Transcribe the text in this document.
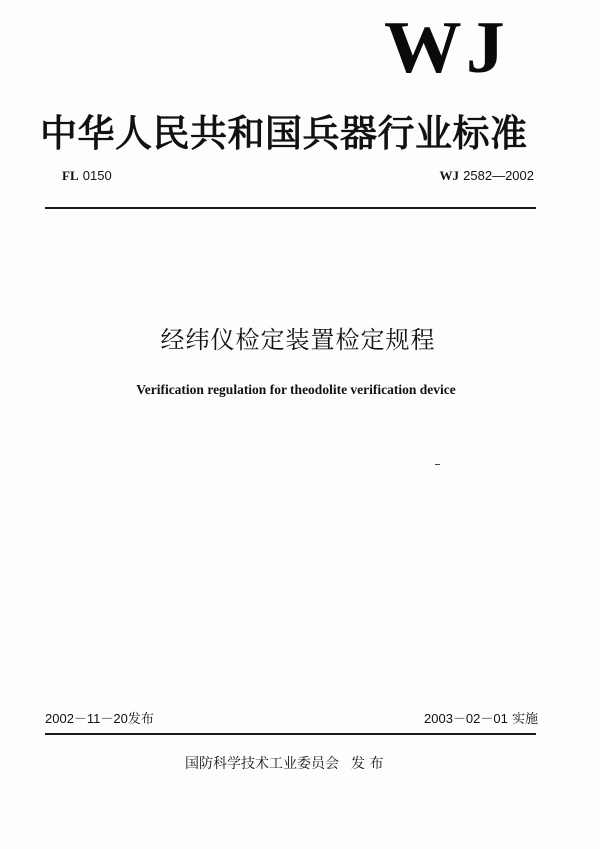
WJ
中华人民共和国兵器行业标准
FL 0150	WJ 2582—2002
经纬仪检定装置检定规程
Verification regulation for theodolite verification device
2002－11－20发布	2003－02－01 实施
国防科学技术工业委员会 发 布
